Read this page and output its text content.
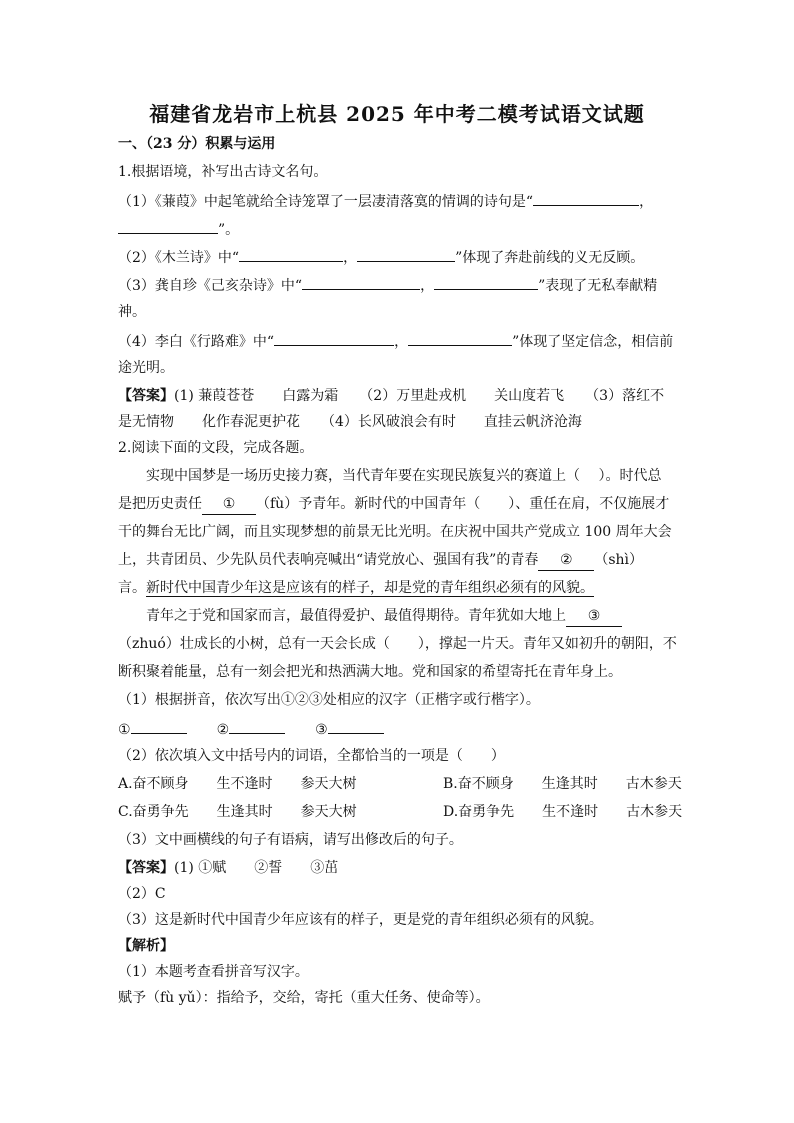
福建省龙岩市上杭县 2025 年中考二模考试语文试题
一、（23 分）积累与运用
1.根据语境，补写出古诗文名句。
（1）《蒹葭》中起笔就给全诗笼罩了一层凄清落寞的情调的诗句是“	，
”。
（2）《木兰诗》中“	，	”体现了奔赴前线的义无反顾。
（3）龚自珍《己亥杂诗》中“	，	”表现了无私奉献精
神。
（4）李白《行路难》中“	，	”体现了坚定信念，相信前
途光明。
【答案】(1) 蒹葭苍苍　　白露为霜　　（2）万里赴戎机　　关山度若飞　　（3）落红不
是无情物　　化作春泥更护花　　（4）长风破浪会有时　　直挂云帆济沧海
2.阅读下面的文段，完成各题。
实现中国梦是一场历史接力赛，当代青年要在实现民族复兴的赛道上（　 ）。时代总
是把历史责任 ① （fù）予青年。新时代的中国青年（　　）、重任在肩，不仅施展才
干的舞台无比广阔，而且实现梦想的前景无比光明。在庆祝中国共产党成立 100 周年大会
上，共青团员、少先队员代表响亮喊出“请党放心、强国有我”的青春 ② （shì）
言。新时代中国青少年这是应该有的样子，却是党的青年组织必须有的风貌。
青年之于党和国家而言，最值得爱护、最值得期待。青年犹如大地上 ③
（zhuó）壮成长的小树，总有一天会长成（　　），撑起一片天。青年又如初升的朝阳，不
断积聚着能量，总有一刻会把光和热洒满大地。党和国家的希望寄托在青年身上。
（1）根据拼音，依次写出①②③处相应的汉字（正楷字或行楷字）。
①	②	③
（2）依次填入文中括号内的词语，全都恰当的一项是（　　）
A.奋不顾身　　生不逢时　　参天大树	B.奋不顾身　　生逢其时　　古木参天
C.奋勇争先　　生逢其时　　参天大树	D.奋勇争先　　生不逢时　　古木参天
（3）文中画横线的句子有语病，请写出修改后的句子。
【答案】(1) ①赋　　②誓　　③茁
（2）C
（3）这是新时代中国青少年应该有的样子，更是党的青年组织必须有的风貌。
【解析】
（1）本题考查看拼音写汉字。
赋予（fù yǔ）：指给予，交给，寄托（重大任务、使命等）。
